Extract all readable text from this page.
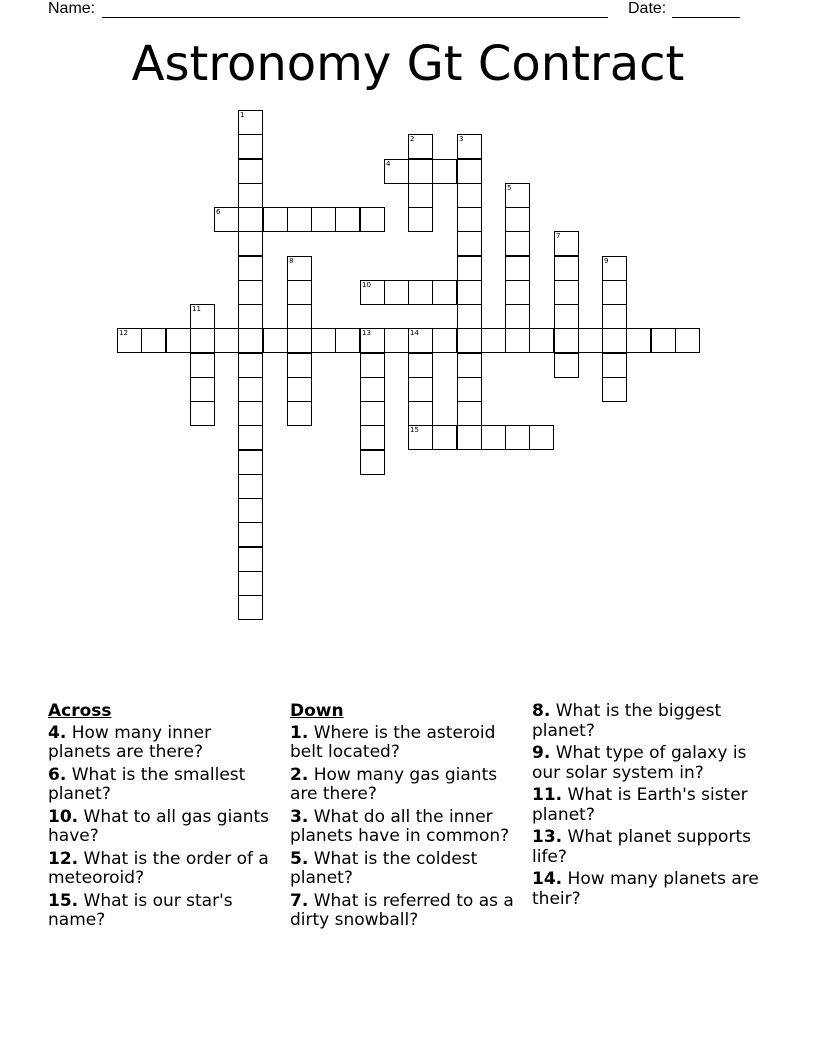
Name:	Date:
Astronomy Gt Contract
1
2	3
4
5
6
7
8	9
10
11
12	13	14
15
Across
4. How many inner planets are there?
6. What is the smallest planet?
10. What to all gas giants have?
12. What is the order of a meteoroid?
15. What is our star's name?
Down
1. Where is the asteroid belt located?
2. How many gas giants are there?
3. What do all the inner planets have in common?
5. What is the coldest planet?
7. What is referred to as a dirty snowball?
8. What is the biggest planet?
9. What type of galaxy is our solar system in?
11. What is Earth's sister planet?
13. What planet supports life?
14. How many planets are their?
